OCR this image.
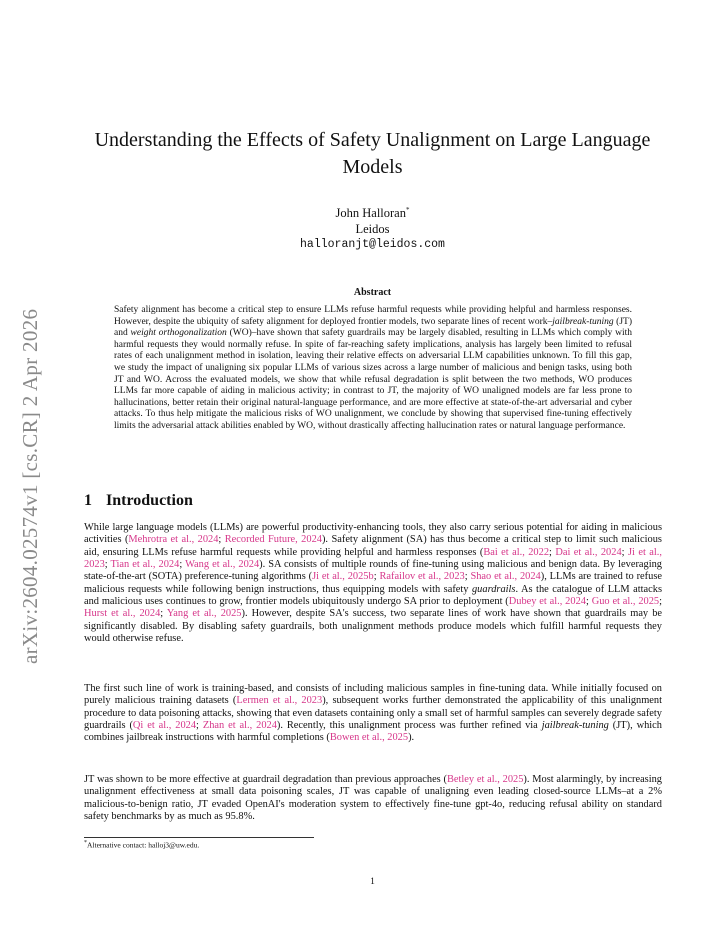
arXiv:2604.02574v1 [cs.CR] 2 Apr 2026
Understanding the Effects of Safety Unalignment on Large Language Models
John Halloran*
Leidos
halloranjt@leidos.com
Abstract
Safety alignment has become a critical step to ensure LLMs refuse harmful requests while providing helpful and harmless responses. However, despite the ubiquity of safety alignment for deployed frontier models, two separate lines of recent work–jailbreak-tuning (JT) and weight orthogonalization (WO)–have shown that safety guardrails may be largely disabled, resulting in LLMs which comply with harmful requests they would normally refuse. In spite of far-reaching safety implications, analysis has largely been limited to refusal rates of each unalignment method in isolation, leaving their relative effects on adversarial LLM capabilities unknown. To fill this gap, we study the impact of unaligning six popular LLMs of various sizes across a large number of malicious and benign tasks, using both JT and WO. Across the evaluated models, we show that while refusal degradation is split between the two methods, WO produces LLMs far more capable of aiding in malicious activity; in contrast to JT, the majority of WO unaligned models are far less prone to hallucinations, better retain their original natural-language performance, and are more effective at state-of-the-art adversarial and cyber attacks. To thus help mitigate the malicious risks of WO unalignment, we conclude by showing that supervised fine-tuning effectively limits the adversarial attack abilities enabled by WO, without drastically affecting hallucination rates or natural language performance.
1 Introduction
While large language models (LLMs) are powerful productivity-enhancing tools, they also carry serious potential for aiding in malicious activities (Mehrotra et al., 2024; Recorded Future, 2024). Safety alignment (SA) has thus become a critical step to limit such malicious aid, ensuring LLMs refuse harmful requests while providing helpful and harmless responses (Bai et al., 2022; Dai et al., 2024; Ji et al., 2023; Tian et al., 2024; Wang et al., 2024). SA consists of multiple rounds of fine-tuning using malicious and benign data. By leveraging state-of-the-art (SOTA) preference-tuning algorithms (Ji et al., 2025b; Rafailov et al., 2023; Shao et al., 2024), LLMs are trained to refuse malicious requests while following benign instructions, thus equipping models with safety guardrails. As the catalogue of LLM attacks and malicious uses continues to grow, frontier models ubiquitously undergo SA prior to deployment (Dubey et al., 2024; Guo et al., 2025; Hurst et al., 2024; Yang et al., 2025). However, despite SA's success, two separate lines of work have shown that guardrails may be significantly disabled. By disabling safety guardrails, both unalignment methods produce models which fulfill harmful requests they would otherwise refuse.
The first such line of work is training-based, and consists of including malicious samples in fine-tuning data. While initially focused on purely malicious training datasets (Lermen et al., 2023), subsequent works further demonstrated the applicability of this unalignment procedure to data poisoning attacks, showing that even datasets containing only a small set of harmful samples can severely degrade safety guardrails (Qi et al., 2024; Zhan et al., 2024). Recently, this unalignment process was further refined via jailbreak-tuning (JT), which combines jailbreak instructions with harmful completions (Bowen et al., 2025).
JT was shown to be more effective at guardrail degradation than previous approaches (Betley et al., 2025). Most alarmingly, by increasing unalignment effectiveness at small data poisoning scales, JT was capable of unaligning even leading closed-source LLMs–at a 2% malicious-to-benign ratio, JT evaded OpenAI's moderation system to effectively fine-tune gpt-4o, reducing refusal ability on standard safety benchmarks by as much as 95.8%.
*Alternative contact: halloj3@uw.edu.
1
